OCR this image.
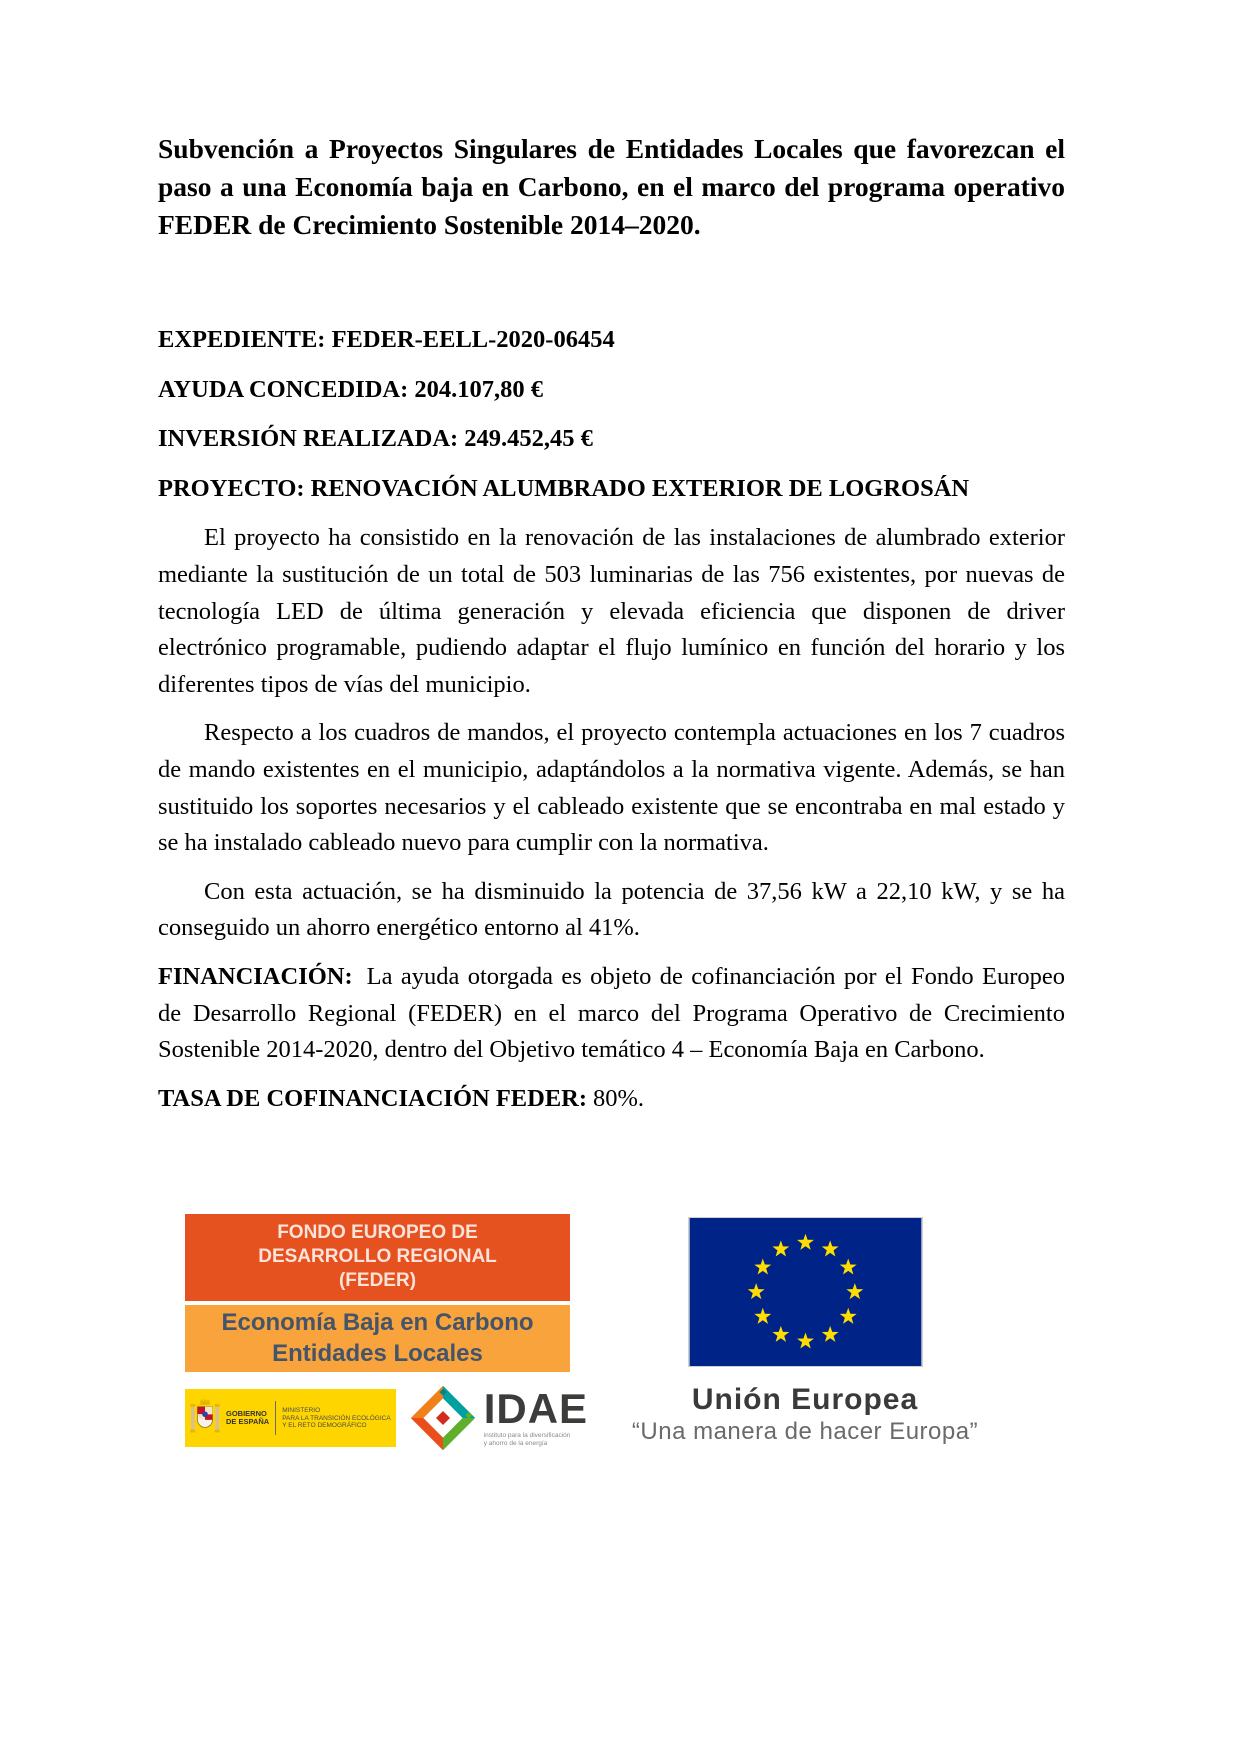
Subvención a Proyectos Singulares de Entidades Locales que favorezcan el paso a una Economía baja en Carbono, en el marco del programa operativo FEDER de Crecimiento Sostenible 2014–2020.

EXPEDIENTE: FEDER-EELL-2020-06454

AYUDA CONCEDIDA: 204.107,80 €

INVERSIÓN REALIZADA: 249.452,45 €

PROYECTO: RENOVACIÓN ALUMBRADO EXTERIOR DE LOGROSÁN

El proyecto ha consistido en la renovación de las instalaciones de alumbrado exterior mediante la sustitución de un total de 503 luminarias de las 756 existentes, por nuevas de tecnología LED de última generación y elevada eficiencia que disponen de driver electrónico programable, pudiendo adaptar el flujo lumínico en función del horario y los diferentes tipos de vías del municipio.

Respecto a los cuadros de mandos, el proyecto contempla actuaciones en los 7 cuadros de mando existentes en el municipio, adaptándolos a la normativa vigente. Además, se han sustituido los soportes necesarios y el cableado existente que se encontraba en mal estado y se ha instalado cableado nuevo para cumplir con la normativa.

Con esta actuación, se ha disminuido la potencia de 37,56 kW a 22,10 kW, y se ha conseguido un ahorro energético entorno al 41%.

FINANCIACIÓN: La ayuda otorgada es objeto de cofinanciación por el Fondo Europeo de Desarrollo Regional (FEDER) en el marco del Programa Operativo de Crecimiento Sostenible 2014-2020, dentro del Objetivo temático 4 – Economía Baja en Carbono.

TASA DE COFINANCIACIÓN FEDER: 80%.

FONDO EUROPEO DE
DESARROLLO REGIONAL
(FEDER)
Economía Baja en Carbono
Entidades Locales
GOBIERNO
DE ESPAÑA
MINISTERIO
PARA LA TRANSICIÓN ECOLÓGICA
Y EL RETO DEMOGRÁFICO	IDAE
instituto para la diversificación
y ahorro de la energía
Unión Europea
“Una manera de hacer Europa”
